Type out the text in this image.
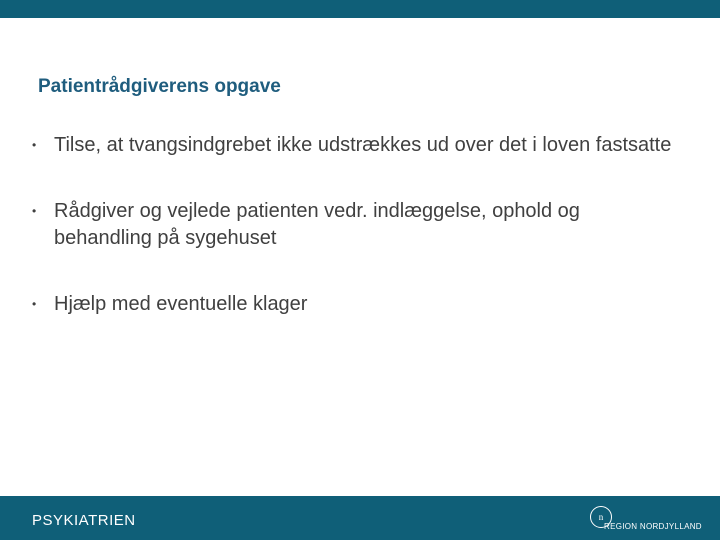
Patientrådgiverens opgave
• Tilse, at tvangsindgrebet ikke udstrækkes ud over det i loven fastsatte
• Rådgiver og vejlede patienten vedr. indlæggelse, ophold og behandling på sygehuset
• Hjælp med eventuelle klager
PSYKIATRIEN	n
REGION NORDJYLLAND
